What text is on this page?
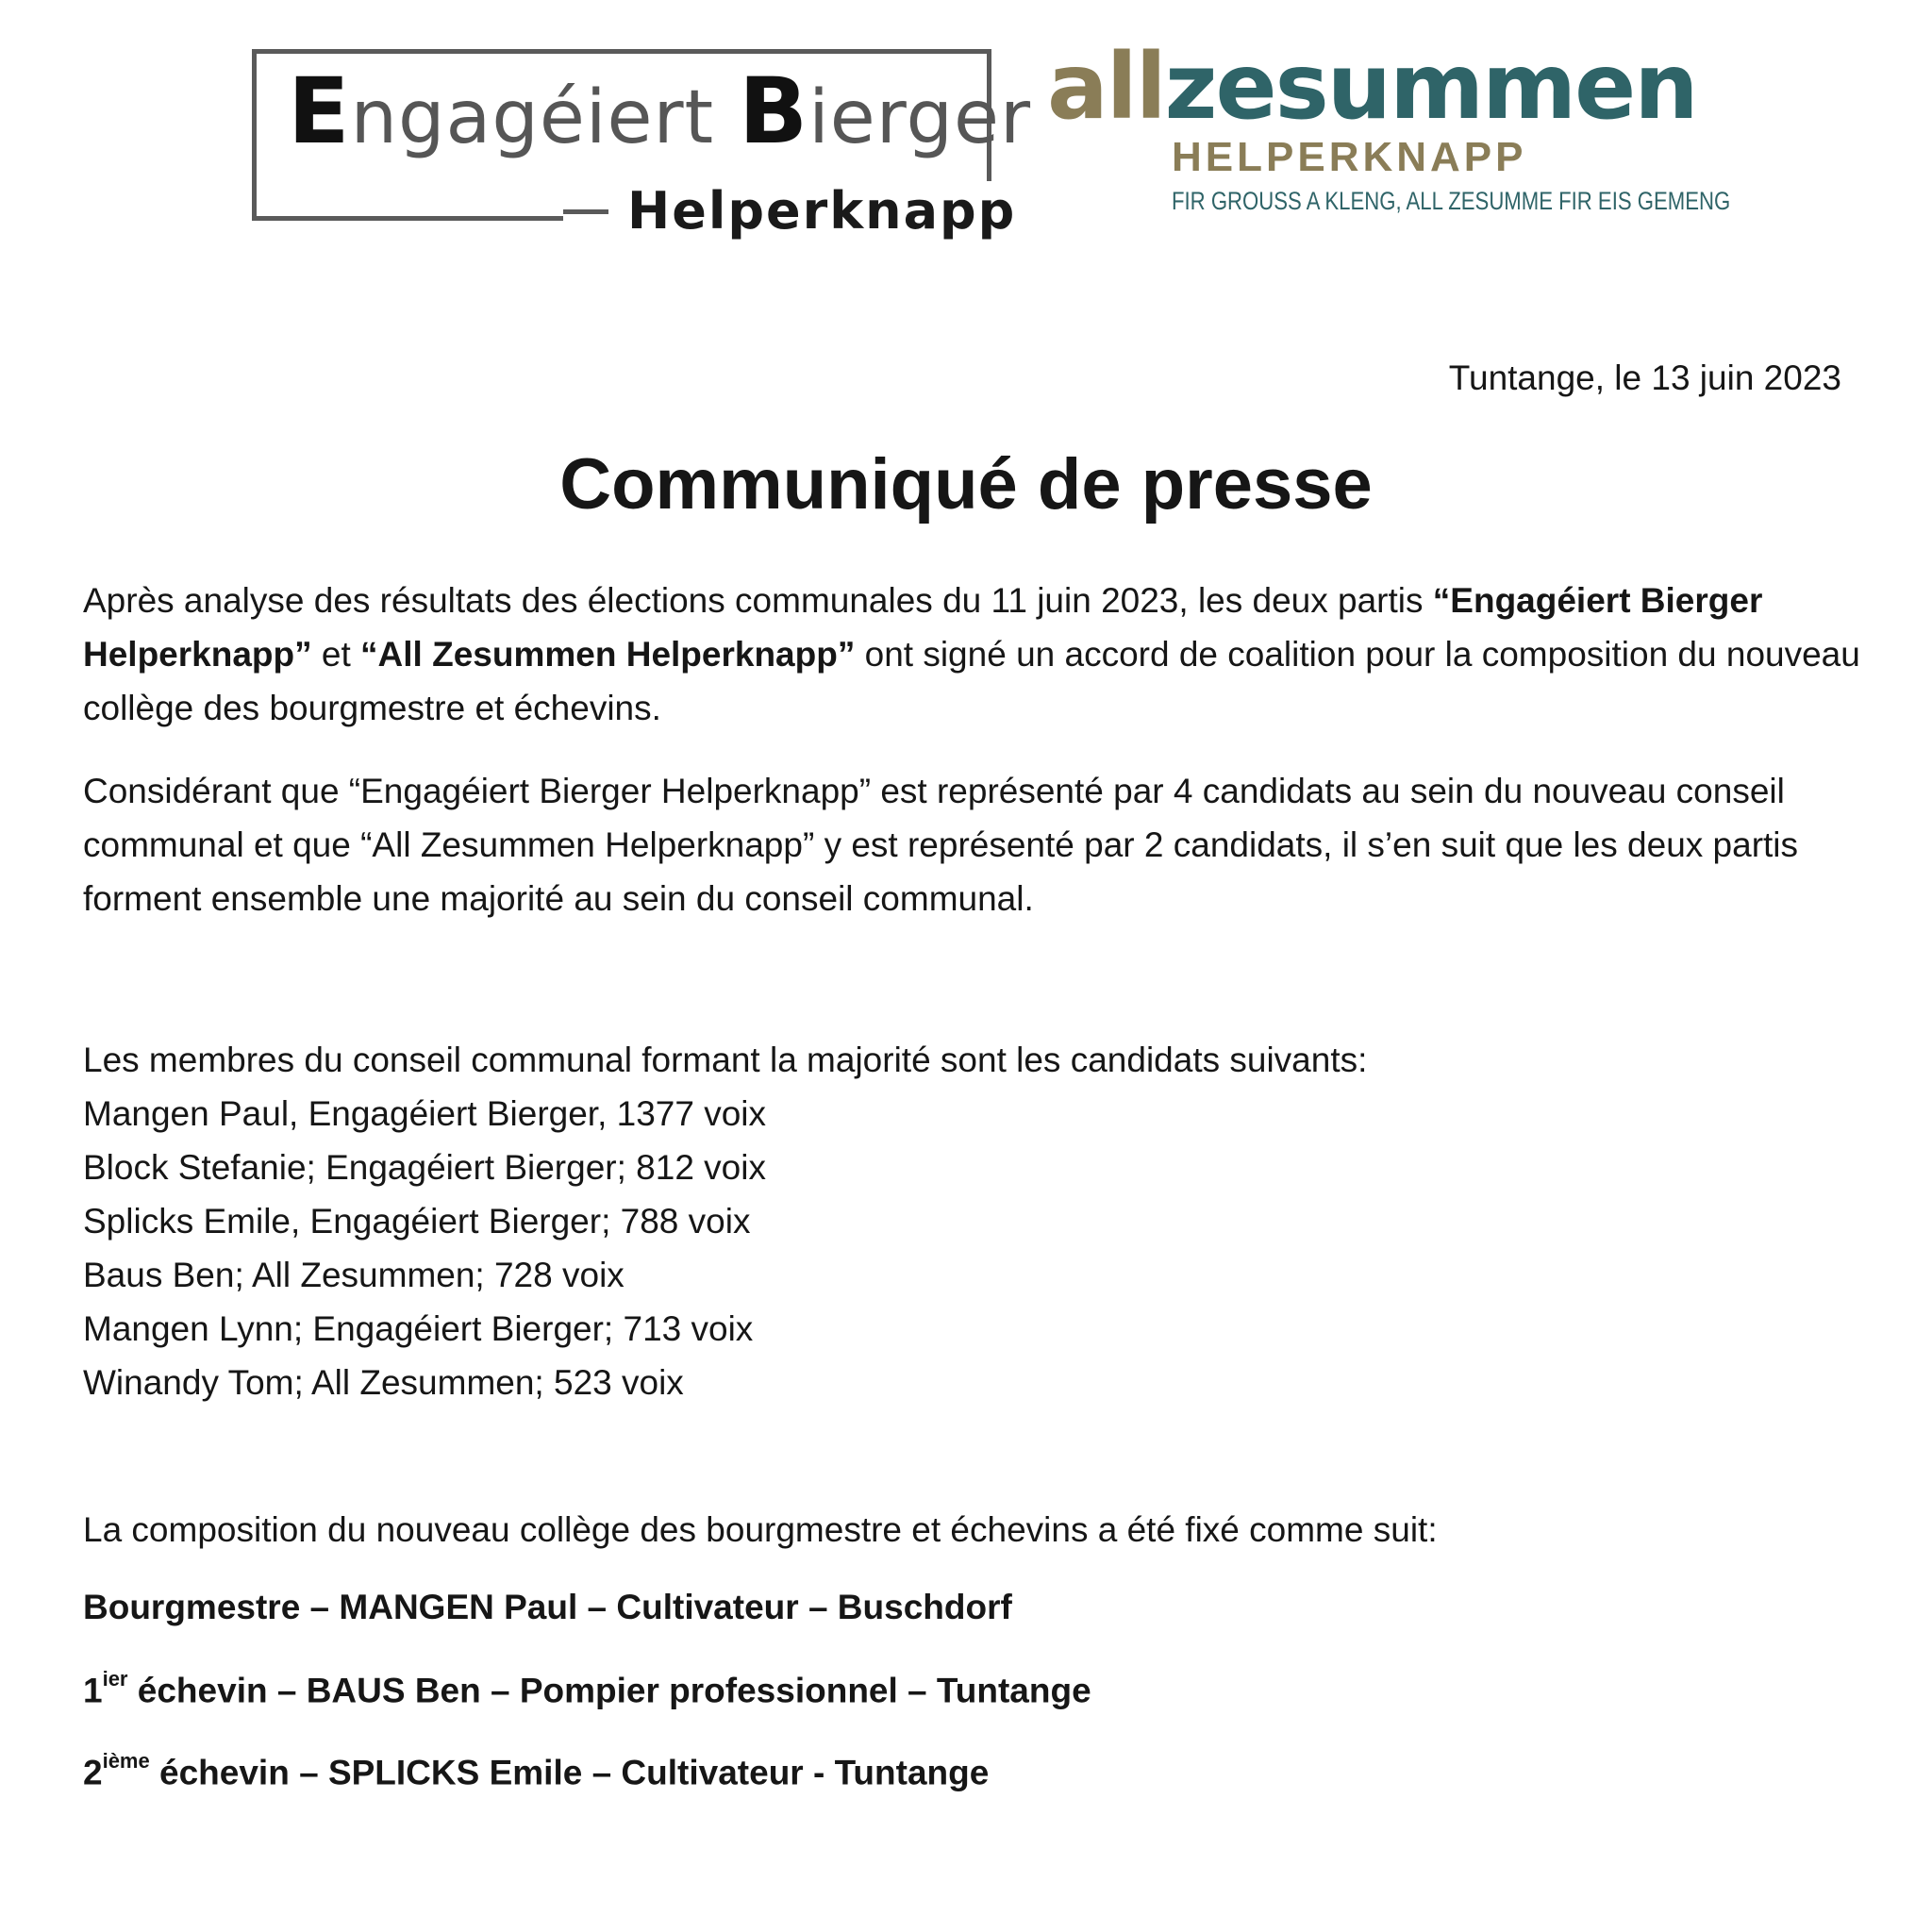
Engagéiert Bierger
Helperknapp
allzesummen
HELPERKNAPP
FIR GROUSS A KLENG, ALL ZESUMME FIR EIS GEMENG
Tuntange, le 13 juin 2023
Communiqué de presse

Après analyse des résultats des élections communales du 11 juin 2023, les deux partis “Engagéiert Bierger Helperknapp” et “All Zesummen Helperknapp” ont signé un accord de coalition pour la composition du nouveau collège des bourgmestre et échevins.

Considérant que “Engagéiert Bierger Helperknapp” est représenté par 4 candidats au sein du nouveau conseil communal et que “All Zesummen Helperknapp” y est représenté par 2 candidats, il s’en suit que les deux partis forment ensemble une majorité au sein du conseil communal.

Les membres du conseil communal formant la majorité sont les candidats suivants:

Mangen Paul, Engagéiert Bierger, 1377 voix
Block Stefanie; Engagéiert Bierger; 812 voix
Splicks Emile, Engagéiert Bierger; 788 voix
Baus Ben; All Zesummen; 728 voix
Mangen Lynn; Engagéiert Bierger; 713 voix
Winandy Tom; All Zesummen; 523 voix

La composition du nouveau collège des bourgmestre et échevins a été fixé comme suit:

Bourgmestre – MANGEN Paul – Cultivateur – Buschdorf
$1^{ier}$ échevin – BAUS Ben – Pompier professionnel – Tuntange
2ième échevin – SPLICKS Emile – Cultivateur - Tuntange
